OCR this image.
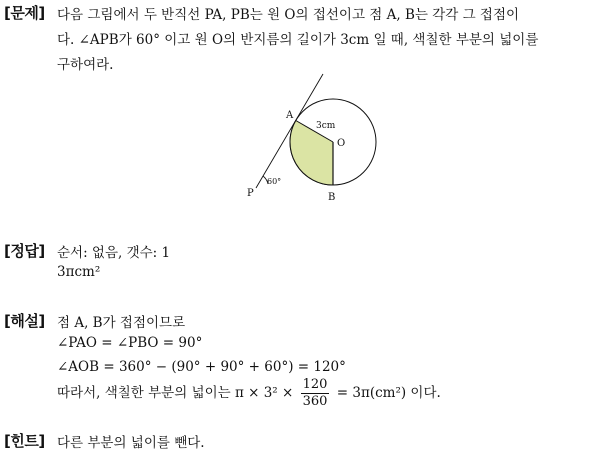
[문제] 다음 그림에서 두 반직선 PA, PB는 원 O의 접선이고 점 A, B는 각각 그 접점이
다. ∠APB가 60° 이고 원 O의 반지름의 길이가 3cm 일 때, 색칠한 부분의 넓이를
구하여라.
A
O
B
P
3cm
60°
[정답] 순서: 없음, 갯수: 1
3πcm²
[해설] 점 A, B가 접점이므로
∠PAO = ∠PBO = 90°
∠AOB = 360° − (90° + 90° + 60°) = 120°
따라서, 색칠한 부분의 넓이는 $\pi \times 3^2 \times \frac{120}{360} = 3\pi(cm^2)$ 이다.
[힌트] 다른 부분의 넓이를 뺀다.
